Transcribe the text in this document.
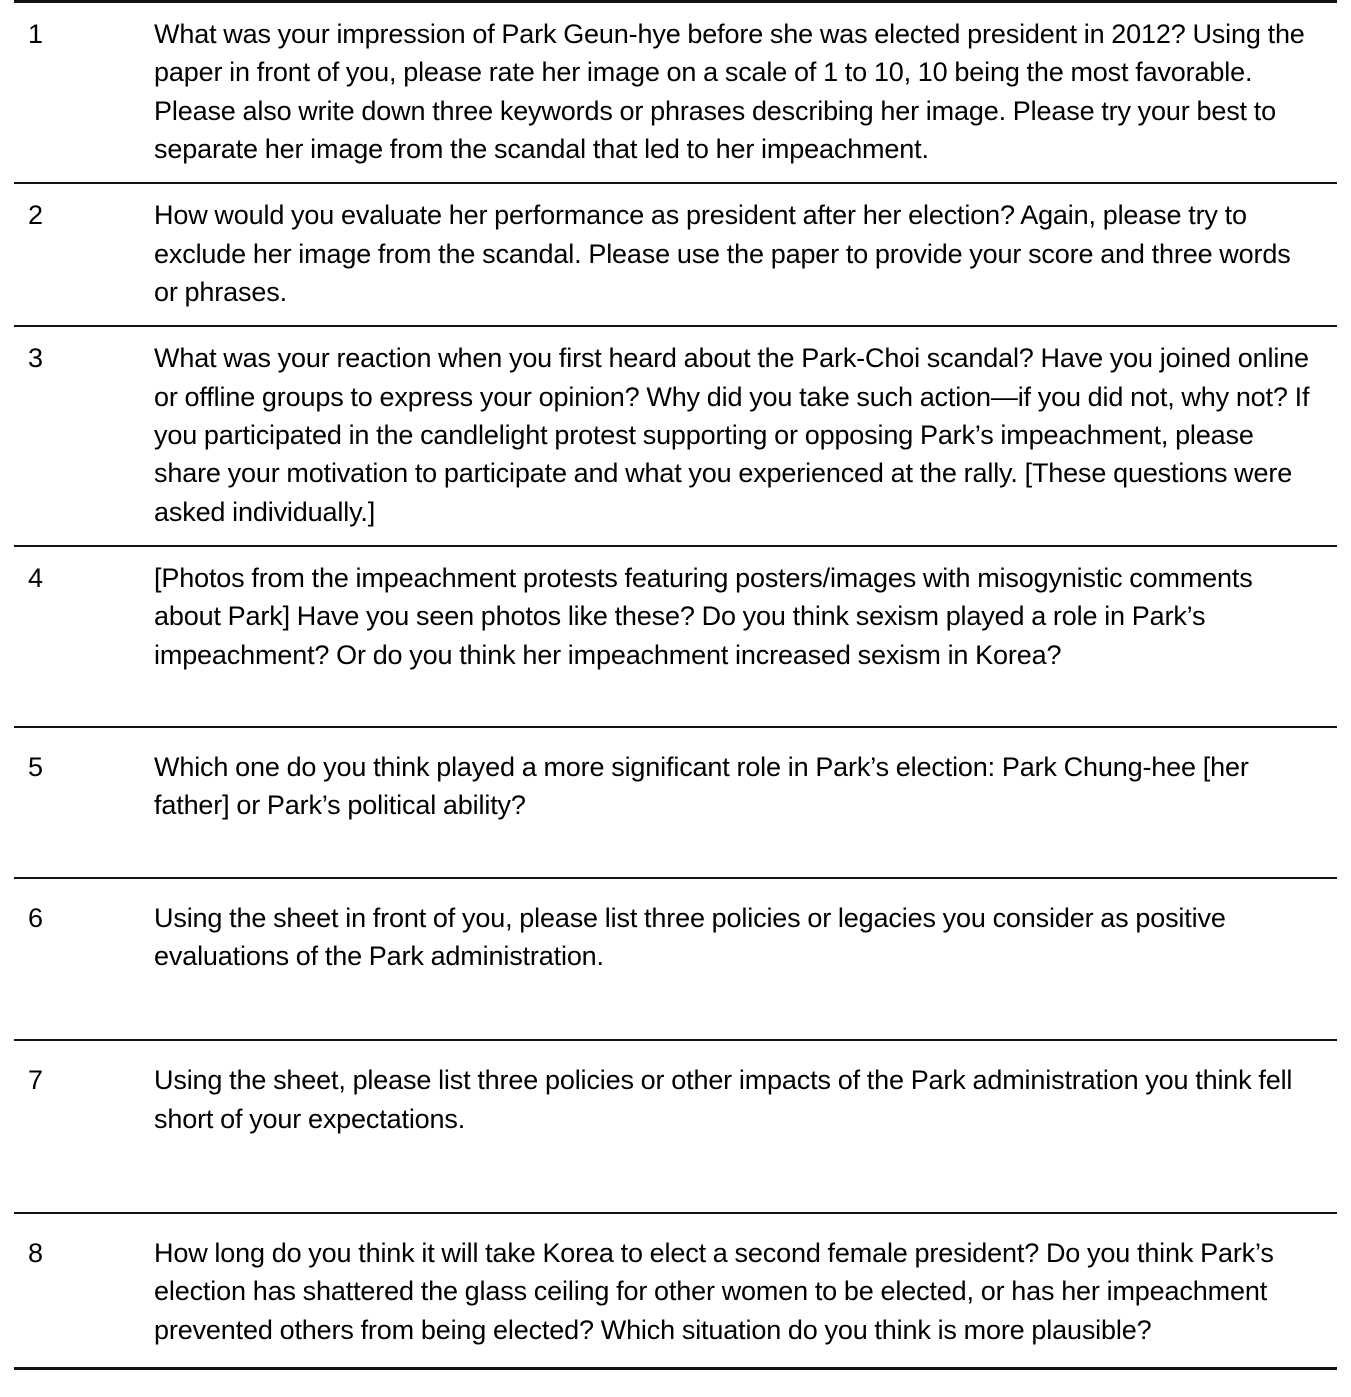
1	What was your impression of Park Geun-hye before she was elected president in 2012? Using the paper in front of you, please rate her image on a scale of 1 to 10, 10 being the most favorable. Please also write down three keywords or phrases describing her image. Please try your best to separate her image from the scandal that led to her impeachment.
2	How would you evaluate her performance as president after her election? Again, please try to exclude her image from the scandal. Please use the paper to provide your score and three words or phrases.
3	What was your reaction when you first heard about the Park-Choi scandal? Have you joined online or offline groups to express your opinion? Why did you take such action—if you did not, why not? If you participated in the candlelight protest supporting or opposing Park’s impeachment, please share your motivation to participate and what you experienced at the rally. [These questions were asked individually.]
4	[Photos from the impeachment protests featuring posters/images with misogynistic comments about Park] Have you seen photos like these? Do you think sexism played a role in Park’s impeachment? Or do you think her impeachment increased sexism in Korea?
5	Which one do you think played a more significant role in Park’s election: Park Chung-hee [her father] or Park’s political ability?
6	Using the sheet in front of you, please list three policies or legacies you consider as positive evaluations of the Park administration.
7	Using the sheet, please list three policies or other impacts of the Park administration you think fell short of your expectations.
8	How long do you think it will take Korea to elect a second female president? Do you think Park’s election has shattered the glass ceiling for other women to be elected, or has her impeachment prevented others from being elected? Which situation do you think is more plausible?
